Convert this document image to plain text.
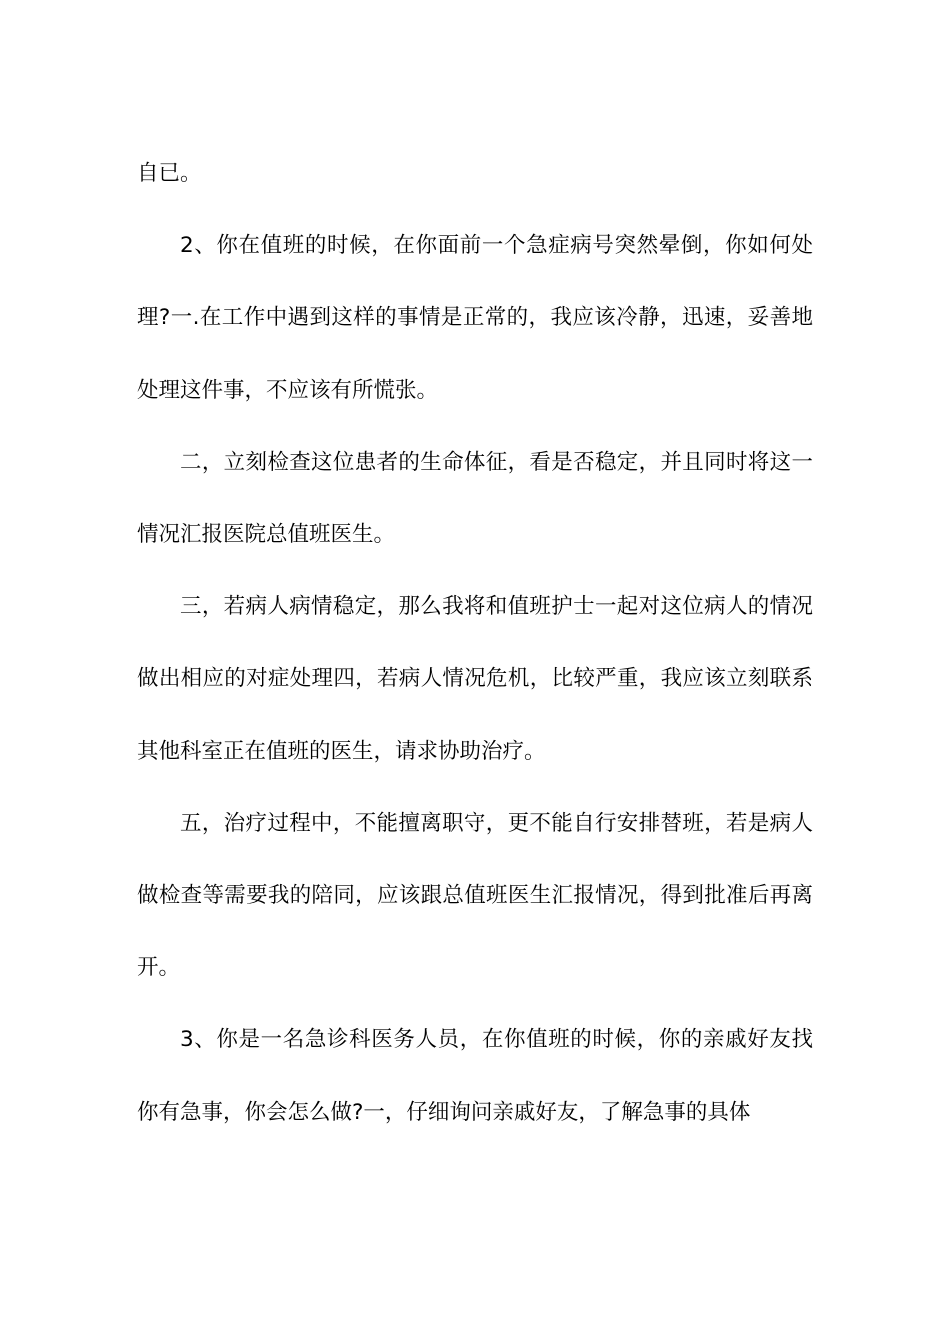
自已。

2、你在值班的时候，在你面前一个急症病号突然晕倒，你如何处理?一.在工作中遇到这样的事情是正常的，我应该冷静，迅速，妥善地处理这件事，不应该有所慌张。

二，立刻检查这位患者的生命体征，看是否稳定，并且同时将这一情况汇报医院总值班医生。

三，若病人病情稳定，那么我将和值班护士一起对这位病人的情况做出相应的对症处理四，若病人情况危机，比较严重，我应该立刻联系其他科室正在值班的医生，请求协助治疗。

五，治疗过程中，不能擅离职守，更不能自行安排替班，若是病人做检查等需要我的陪同，应该跟总值班医生汇报情况，得到批准后再离开。

3、你是一名急诊科医务人员，在你值班的时候，你的亲戚好友找你有急事，你会怎么做?一，仔细询问亲戚好友，了解急事的具体
